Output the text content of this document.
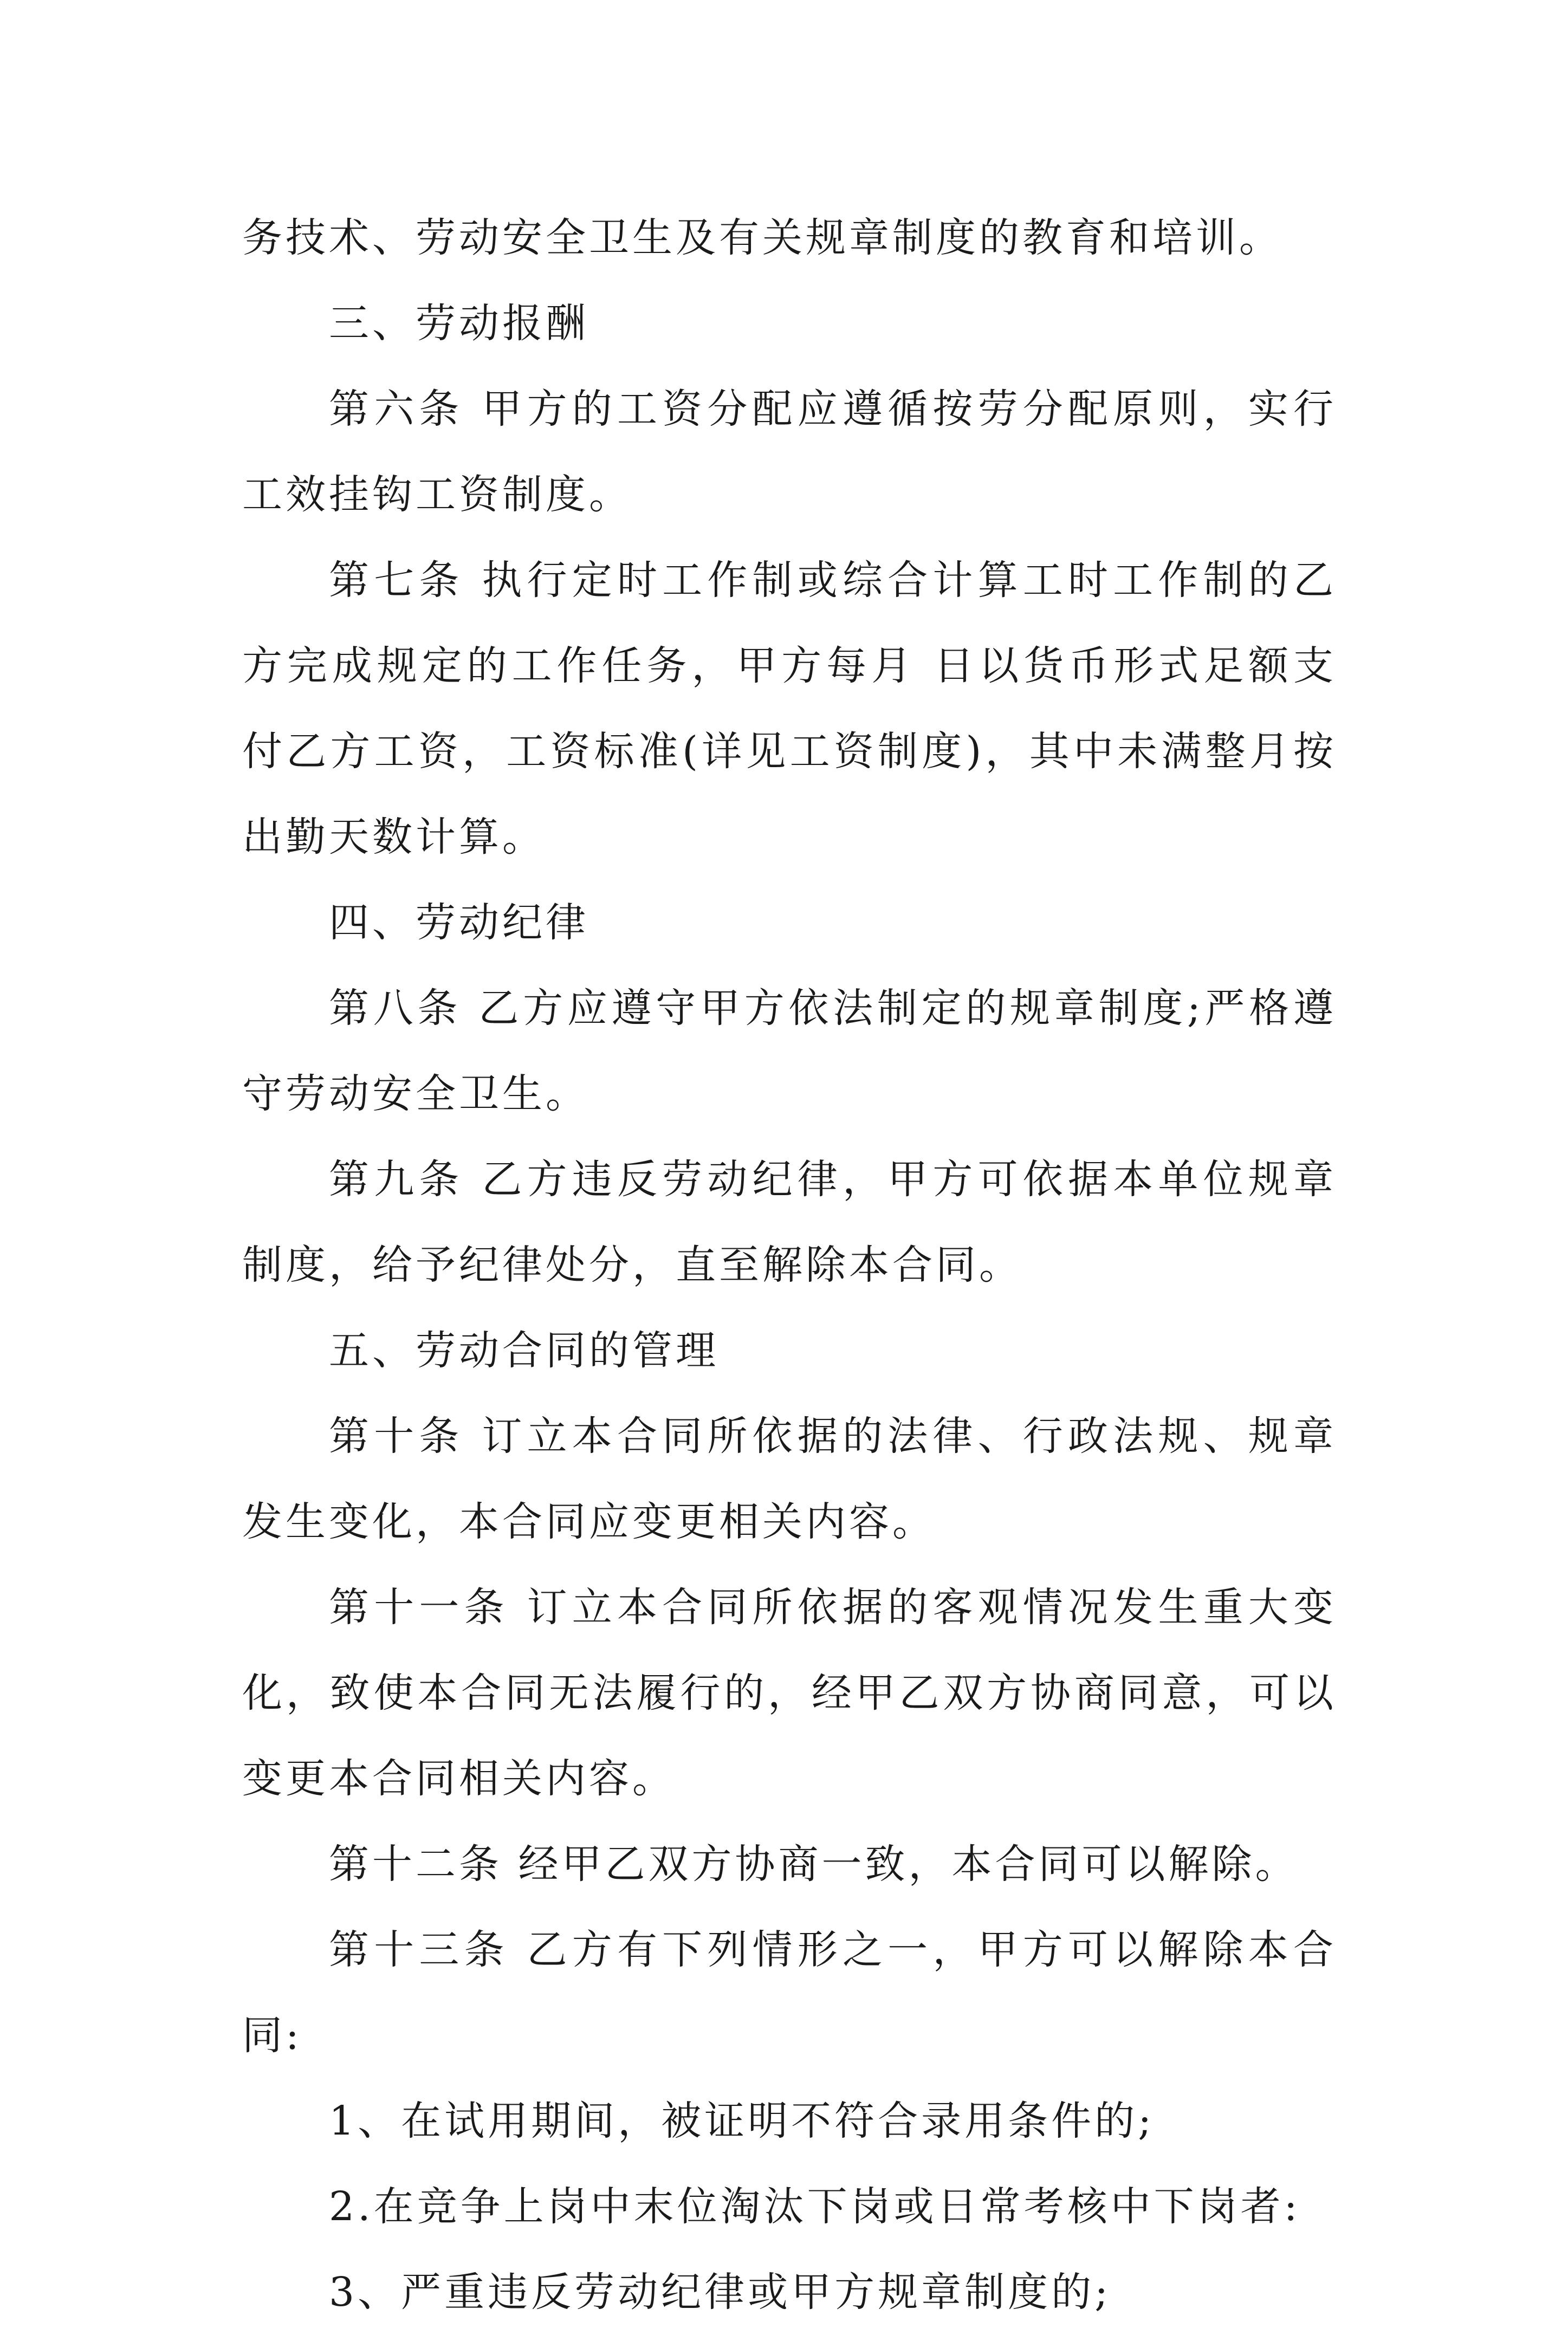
务技术、劳动安全卫生及有关规章制度的教育和培训。

三、劳动报酬

第六条 甲方的工资分配应遵循按劳分配原则，实行工效挂钩工资制度。

第七条 执行定时工作制或综合计算工时工作制的乙方完成规定的工作任务，甲方每月 日以货币形式足额支付乙方工资，工资标准(详见工资制度)，其中未满整月按出勤天数计算。

四、劳动纪律

第八条 乙方应遵守甲方依法制定的规章制度;严格遵守劳动安全卫生。

第九条 乙方违反劳动纪律，甲方可依据本单位规章制度，给予纪律处分，直至解除本合同。

五、劳动合同的管理

第十条 订立本合同所依据的法律、行政法规、规章发生变化，本合同应变更相关内容。

第十一条 订立本合同所依据的客观情况发生重大变化，致使本合同无法履行的，经甲乙双方协商同意，可以变更本合同相关内容。

第十二条 经甲乙双方协商一致，本合同可以解除。

第十三条 乙方有下列情形之一，甲方可以解除本合同:

1、在试用期间，被证明不符合录用条件的;

2.在竞争上岗中末位淘汰下岗或日常考核中下岗者:

3、严重违反劳动纪律或甲方规章制度的;
